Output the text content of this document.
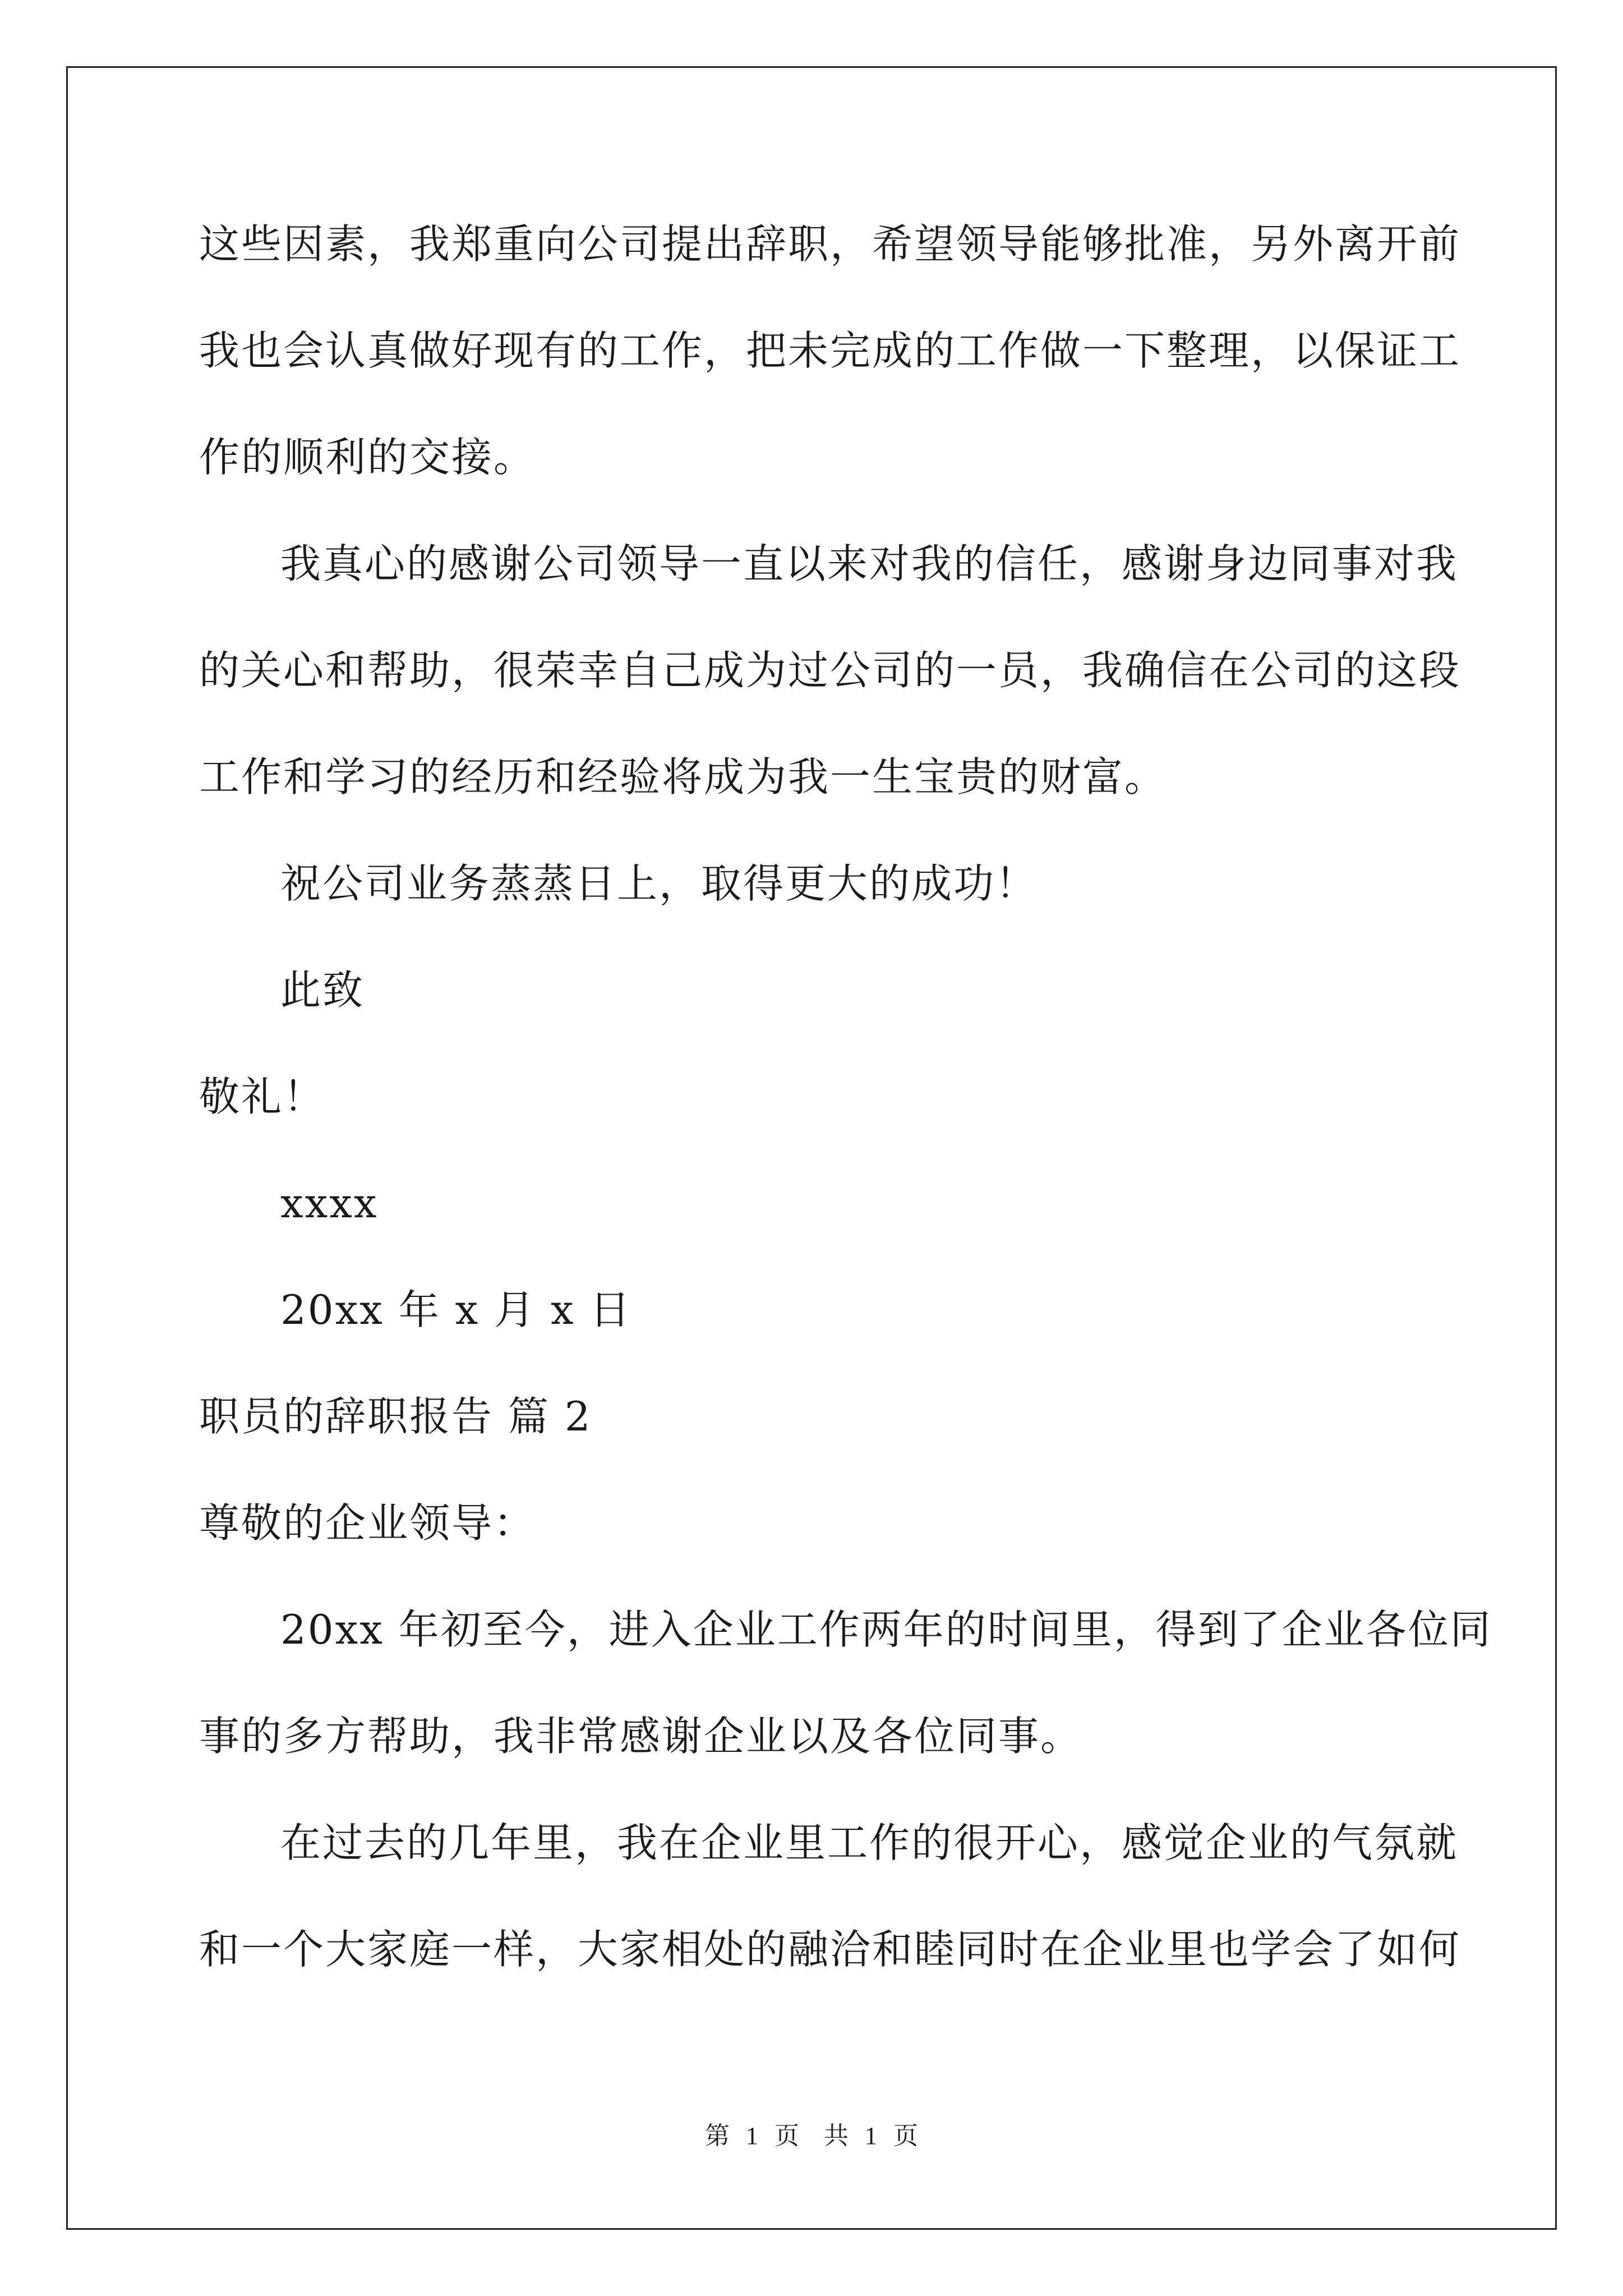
这些因素，我郑重向公司提出辞职，希望领导能够批准，另外离开前
我也会认真做好现有的工作，把未完成的工作做一下整理，以保证工
作的顺利的交接。
我真心的感谢公司领导一直以来对我的信任，感谢身边同事对我
的关心和帮助，很荣幸自己成为过公司的一员，我确信在公司的这段
工作和学习的经历和经验将成为我一生宝贵的财富。
祝公司业务蒸蒸日上，取得更大的成功！
此致
敬礼！
xxxx
20xx 年 x 月 x 日
职员的辞职报告 篇 2
尊敬的企业领导：
20xx 年初至今，进入企业工作两年的时间里，得到了企业各位同
事的多方帮助，我非常感谢企业以及各位同事。
在过去的几年里，我在企业里工作的很开心，感觉企业的气氛就
和一个大家庭一样，大家相处的融洽和睦同时在企业里也学会了如何
第 1 页　共 1 页
